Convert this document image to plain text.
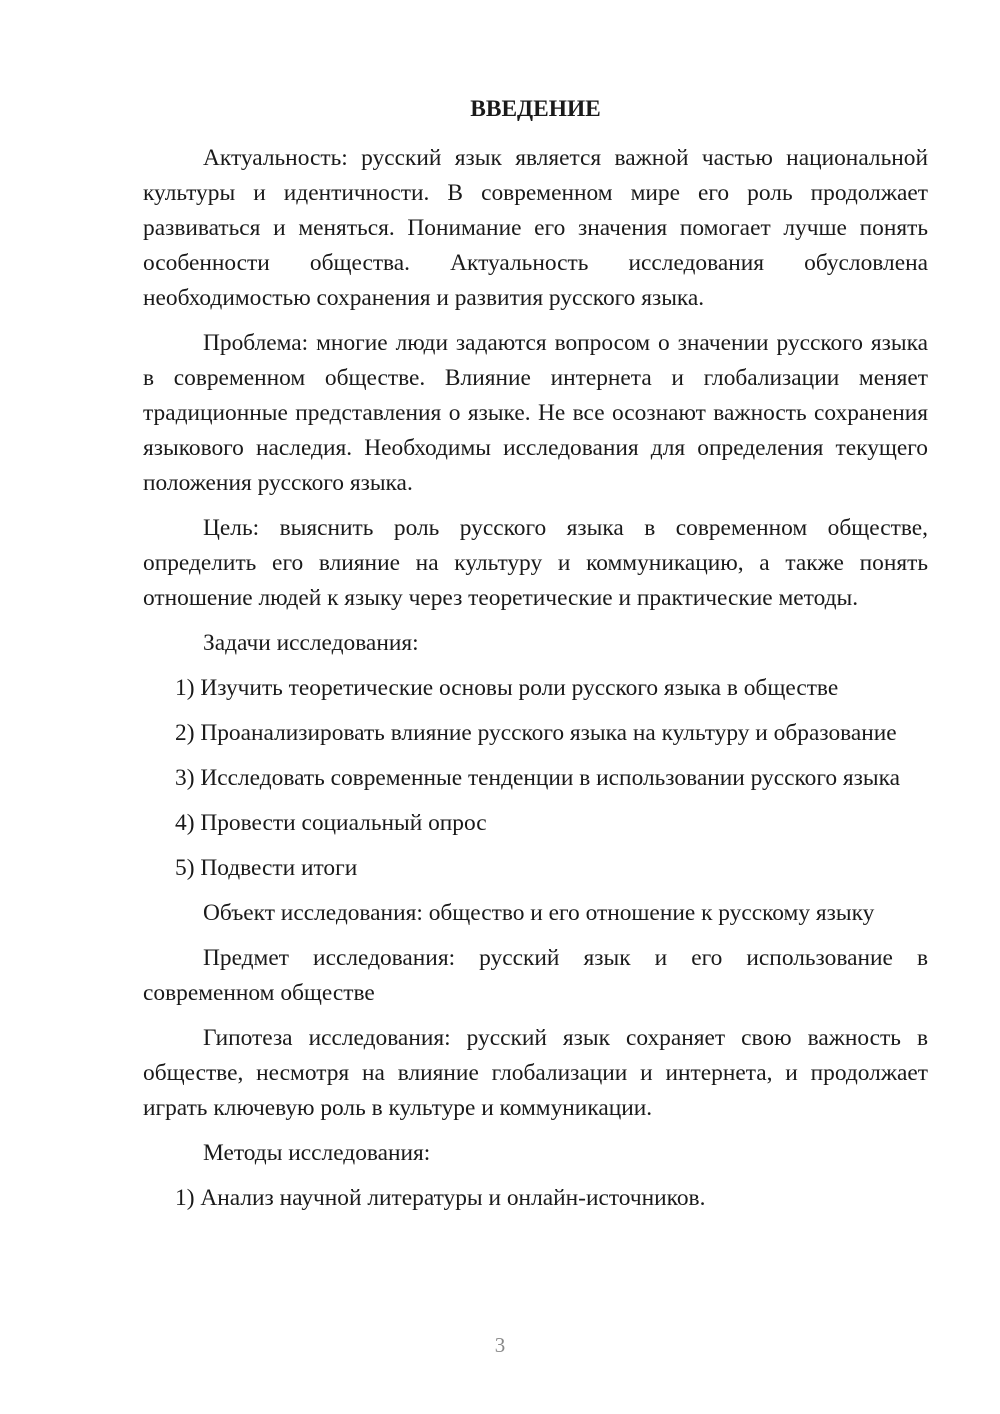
ВВЕДЕНИЕ

Актуальность: русский язык является важной частью национальной культуры и идентичности. В современном мире его роль продолжает развиваться и меняться. Понимание его значения помогает лучше понять особенности общества. Актуальность исследования обусловлена необходимостью сохранения и развития русского языка.

Проблема: многие люди задаются вопросом о значении русского языка в современном обществе. Влияние интернета и глобализации меняет традиционные представления о языке. Не все осознают важность сохранения языкового наследия. Необходимы исследования для определения текущего положения русского языка.

Цель: выяснить роль русского языка в современном обществе, определить его влияние на культуру и коммуникацию, а также понять отношение людей к языку через теоретические и практические методы.

Задачи исследования:

1) Изучить теоретические основы роли русского языка в обществе

2) Проанализировать влияние русского языка на культуру и образование

3) Исследовать современные тенденции в использовании русского языка

4) Провести социальный опрос

5) Подвести итоги

Объект исследования: общество и его отношение к русскому языку

Предмет исследования: русский язык и его использование в современном обществе

Гипотеза исследования: русский язык сохраняет свою важность в обществе, несмотря на влияние глобализации и интернета, и продолжает играть ключевую роль в культуре и коммуникации.

Методы исследования:

1) Анализ научной литературы и онлайн-источников.

3
